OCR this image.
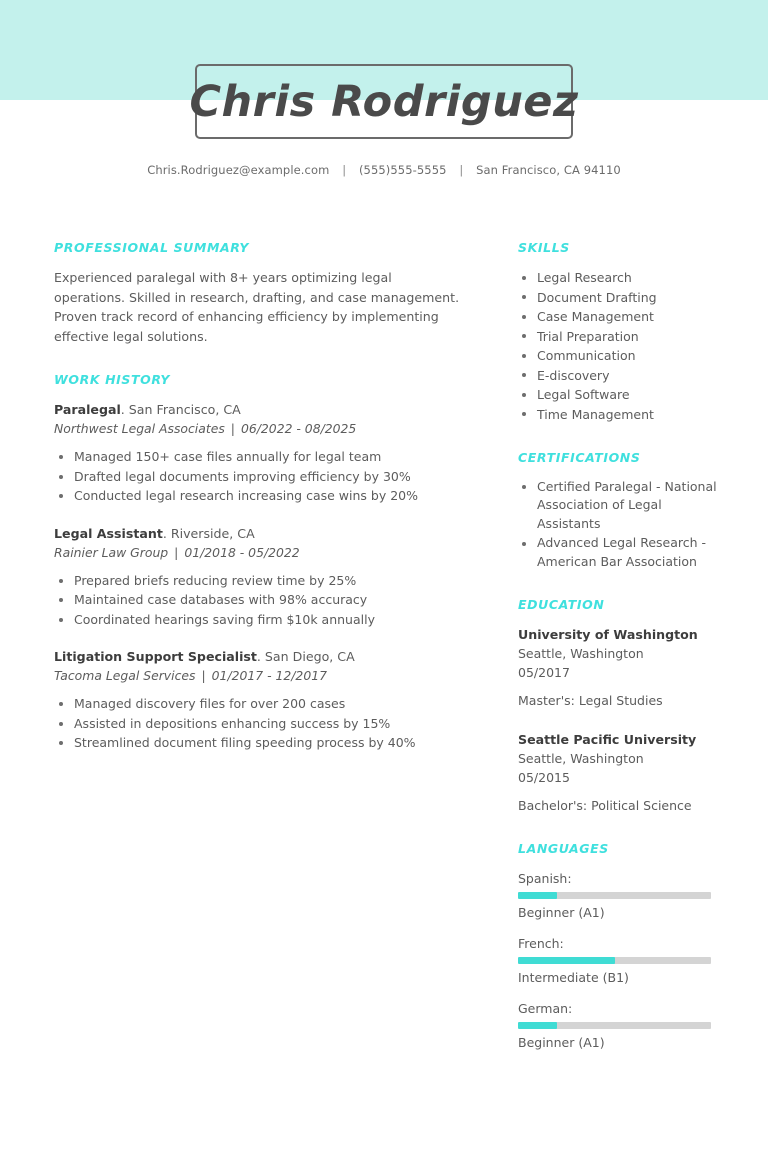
Chris Rodriguez
Chris.Rodriguez@example.com | (555)555-5555 | San Francisco, CA 94110
PROFESSIONAL SUMMARY

Experienced paralegal with 8+ years optimizing legal operations. Skilled in research, drafting, and case management. Proven track record of enhancing efficiency by implementing effective legal solutions.

WORK HISTORY
Paralegal. San Francisco, CA
Northwest Legal Associates | 06/2022 - 08/2025
Managed 150+ case files annually for legal team
Drafted legal documents improving efficiency by 30%
Conducted legal research increasing case wins by 20%
Legal Assistant. Riverside, CA
Rainier Law Group | 01/2018 - 05/2022
Prepared briefs reducing review time by 25%
Maintained case databases with 98% accuracy
Coordinated hearings saving firm $10k annually
Litigation Support Specialist. San Diego, CA
Tacoma Legal Services | 01/2017 - 12/2017
Managed discovery files for over 200 cases
Assisted in depositions enhancing success by 15%
Streamlined document filing speeding process by 40%
SKILLS
Legal Research
Document Drafting
Case Management
Trial Preparation
Communication
E-discovery
Legal Software
Time Management
CERTIFICATIONS
Certified Paralegal - National Association of Legal Assistants
Advanced Legal Research - American Bar Association
EDUCATION
University of Washington
Seattle, Washington
05/2017
Master's: Legal Studies
Seattle Pacific University
Seattle, Washington
05/2015
Bachelor's: Political Science
LANGUAGES
Spanish:
Beginner (A1)
French:
Intermediate (B1)
German:
Beginner (A1)
